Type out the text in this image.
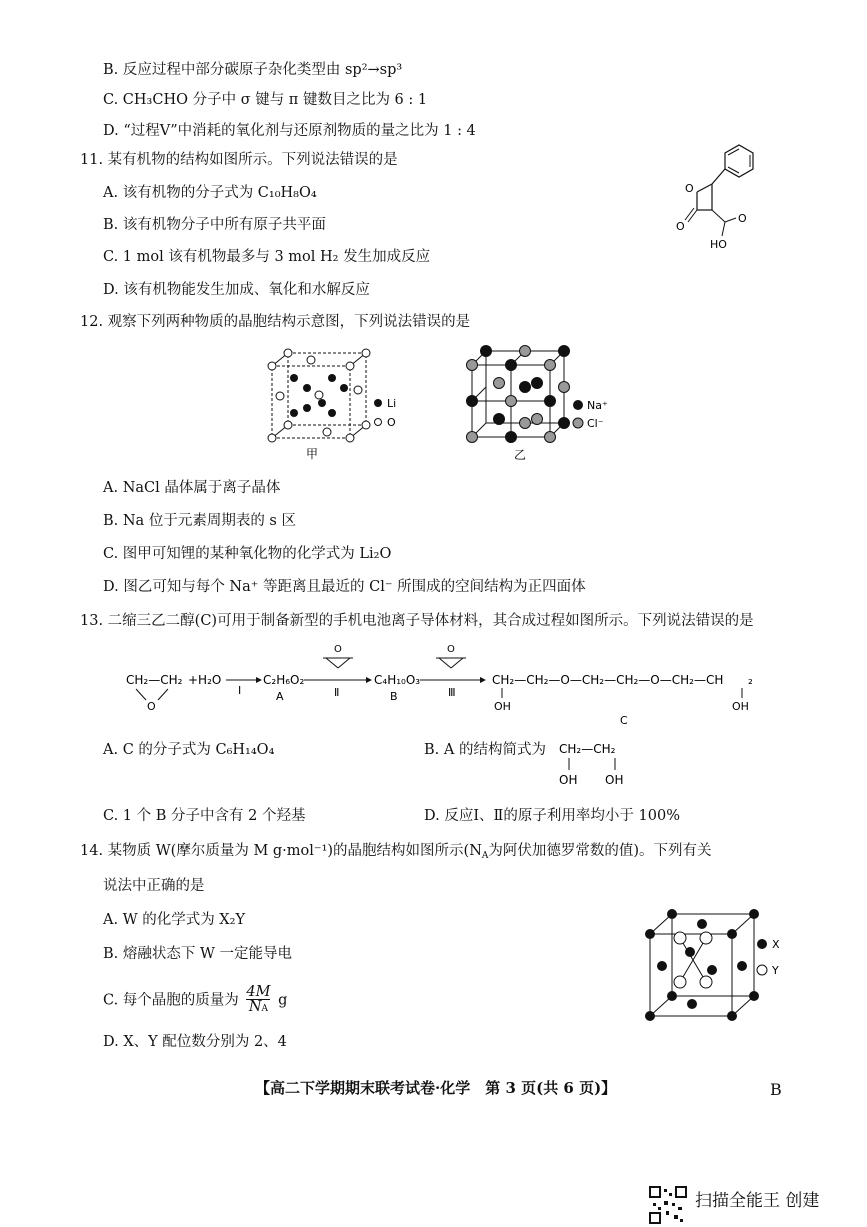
B. 反应过程中部分碳原子杂化类型由 sp²→sp³
C. CH₃CHO 分子中 σ 键与 π 键数目之比为 6 : 1
D. “过程Ⅴ”中消耗的氧化剂与还原剂物质的量之比为 1 : 4
11. 某有机物的结构如图所示。下列说法错误的是
A. 该有机物的分子式为 C₁₀H₈O₄
B. 该有机物分子中所有原子共平面
C. 1 mol 该有机物最多与 3 mol H₂ 发生加成反应
D. 该有机物能发生加成、氧化和水解反应
O
O
O
HO
12. 观察下列两种物质的晶胞结构示意图，下列说法错误的是
Li
O
甲
Na⁺
Cl⁻
乙
A. NaCl 晶体属于离子晶体
B. Na 位于元素周期表的 s 区
C. 图甲可知锂的某种氧化物的化学式为 Li₂O
D. 图乙可知与每个 Na⁺ 等距离且最近的 Cl⁻ 所围成的空间结构为正四面体
13. 二缩三乙二醇(C)可用于制备新型的手机电池离子导体材料，其合成过程如图所示。下列说法错误的是
CH₂—CH₂
O
+H₂O
Ⅰ
C₂H₆O₂
A
O
Ⅱ
C₄H₁₀O₃
B
O
Ⅲ
CH₂—CH₂—O—CH₂—CH₂—O—CH₂—CH ₂
OH	OH
C
A. C 的分子式为 C₆H₁₄O₄	B. A 的结构简式为 CH₂—CH₂
OH OH
C. 1 个 B 分子中含有 2 个羟基	D. 反应Ⅰ、Ⅱ的原子利用率均小于 100%
14. 某物质 W(摩尔质量为 M g·mol⁻¹)的晶胞结构如图所示($N_A$为阿伏加德罗常数的值)。下列有关
说法中正确的是
A. W 的化学式为 X₂Y
B. 熔融状态下 W 一定能导电
C. 每个晶胞的质量为 $\frac{4M}{NA}$ g
D. X、Y 配位数分别为 2、4
X
Y
【高二下学期期末联考试卷·化学　第 3 页(共 6 页)】	B
扫描全能王 创建
